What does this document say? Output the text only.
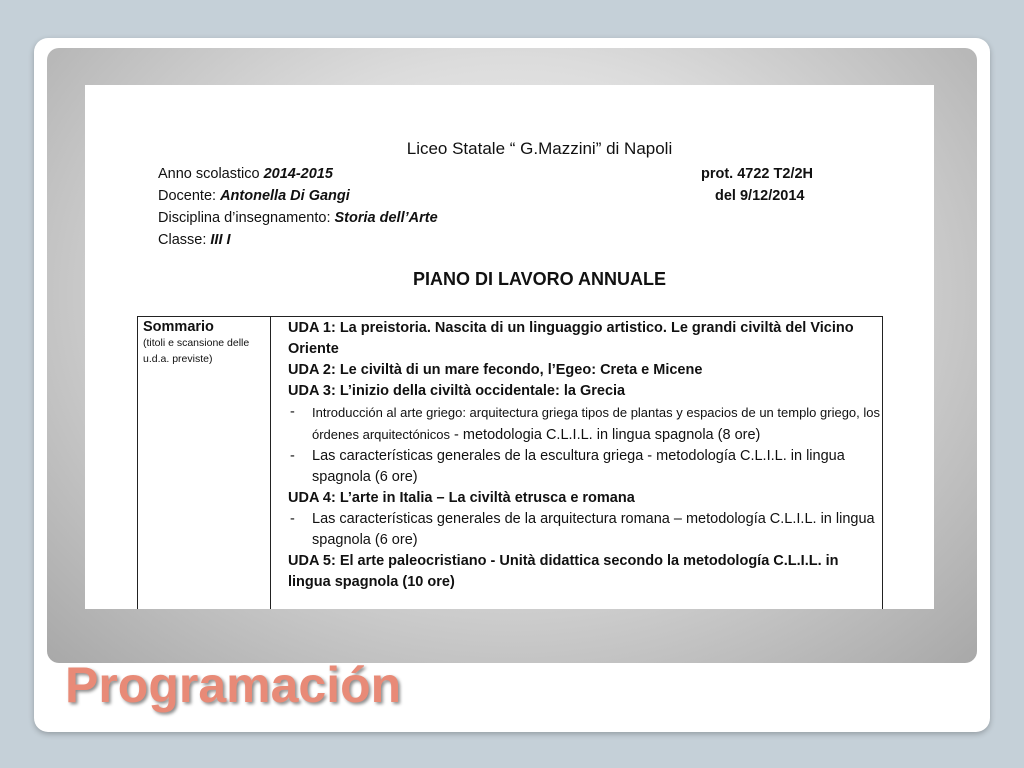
Liceo Statale “ G.Mazzini” di Napoli
Anno scolastico 2014-2015
Docente: Antonella Di Gangi
Disciplina d’insegnamento: Storia dell’Arte
Classe: III I
prot. 4722 T2/2H
del 9/12/2014
PIANO DI LAVORO ANNUALE
Sommario
(titoli e scansione delle u.d.a. previste)

UDA 1: La preistoria. Nascita di un linguaggio artistico. Le grandi civiltà del Vicino Oriente

UDA 2: Le civiltà di un mare fecondo, l’Egeo: Creta e Micene

UDA 3: L’inizio della civiltà occidentale: la Grecia

- Introducción al arte griego: arquitectura griega tipos de plantas y espacios de un templo griego, los órdenes arquitectónicos - metodologia C.L.I.L. in lingua spagnola (8 ore)
- Las características generales de la escultura griega - metodología C.L.I.L. in lingua spagnola (6 ore)

UDA 4: L’arte in Italia – La civiltà etrusca e romana

- Las características generales de la arquitectura romana – metodología C.L.I.L. in lingua spagnola (6 ore)

UDA 5: El arte paleocristiano - Unità didattica secondo la metodología C.L.I.L. in lingua spagnola (10 ore)

Programación
